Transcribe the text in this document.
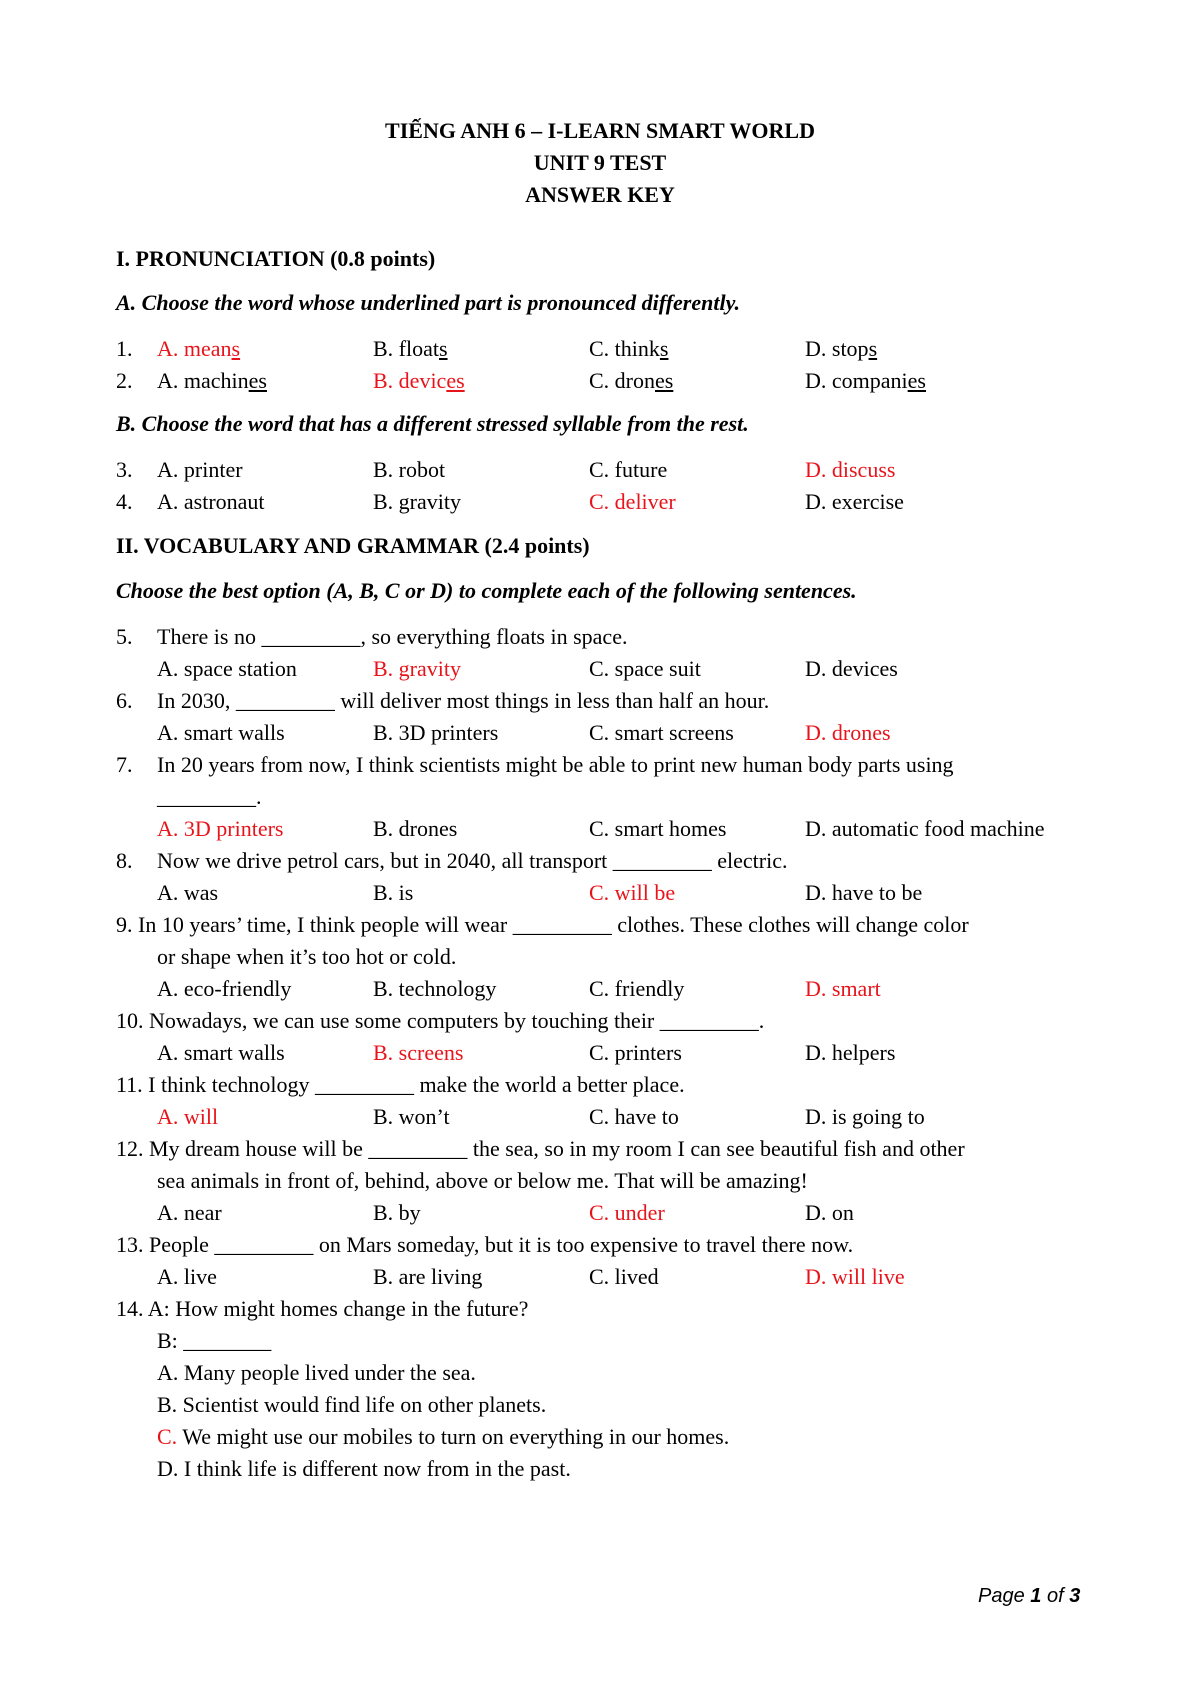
TIẾNG ANH 6 – I-LEARN SMART WORLD
UNIT 9 TEST
ANSWER KEY
I. PRONUNCIATION (0.8 points)
A. Choose the word whose underlined part is pronounced differently.
1. A. means	B. floats	C. thinks	D. stops
2. A. machines	B. devices	C. drones	D. companies
B. Choose the word that has a different stressed syllable from the rest.
3. A. printer	B. robot	C. future	D. discuss
4. A. astronaut	B. gravity	C. deliver	D. exercise
II. VOCABULARY AND GRAMMAR (2.4 points)
Choose the best option (A, B, C or D) to complete each of the following sentences.
5. There is no _________, so everything floats in space.
A. space station	B. gravity	C. space suit	D. devices
6. In 2030, _________ will deliver most things in less than half an hour.
A. smart walls	B. 3D printers	C. smart screens	D. drones
7. In 20 years from now, I think scientists might be able to print new human body parts using
_________.
A. 3D printers	B. drones	C. smart homes	D. automatic food machine
8. Now we drive petrol cars, but in 2040, all transport _________ electric.
A. was	B. is	C. will be	D. have to be
9. In 10 years’ time, I think people will wear _________ clothes. These clothes will change color
or shape when it’s too hot or cold.
A. eco-friendly	B. technology	C. friendly	D. smart
10. Nowadays, we can use some computers by touching their _________.
A. smart walls	B. screens	C. printers	D. helpers
11. I think technology _________ make the world a better place.
A. will	B. won’t	C. have to	D. is going to
12. My dream house will be _________ the sea, so in my room I can see beautiful fish and other
sea animals in front of, behind, above or below me. That will be amazing!
A. near	B. by	C. under	D. on
13. People _________ on Mars someday, but it is too expensive to travel there now.
A. live	B. are living	C. lived	D. will live
14. A: How might homes change in the future?
B: ________
A. Many people lived under the sea.
B. Scientist would find life on other planets.
C. We might use our mobiles to turn on everything in our homes.
D. I think life is different now from in the past.
Page 1 of 3
